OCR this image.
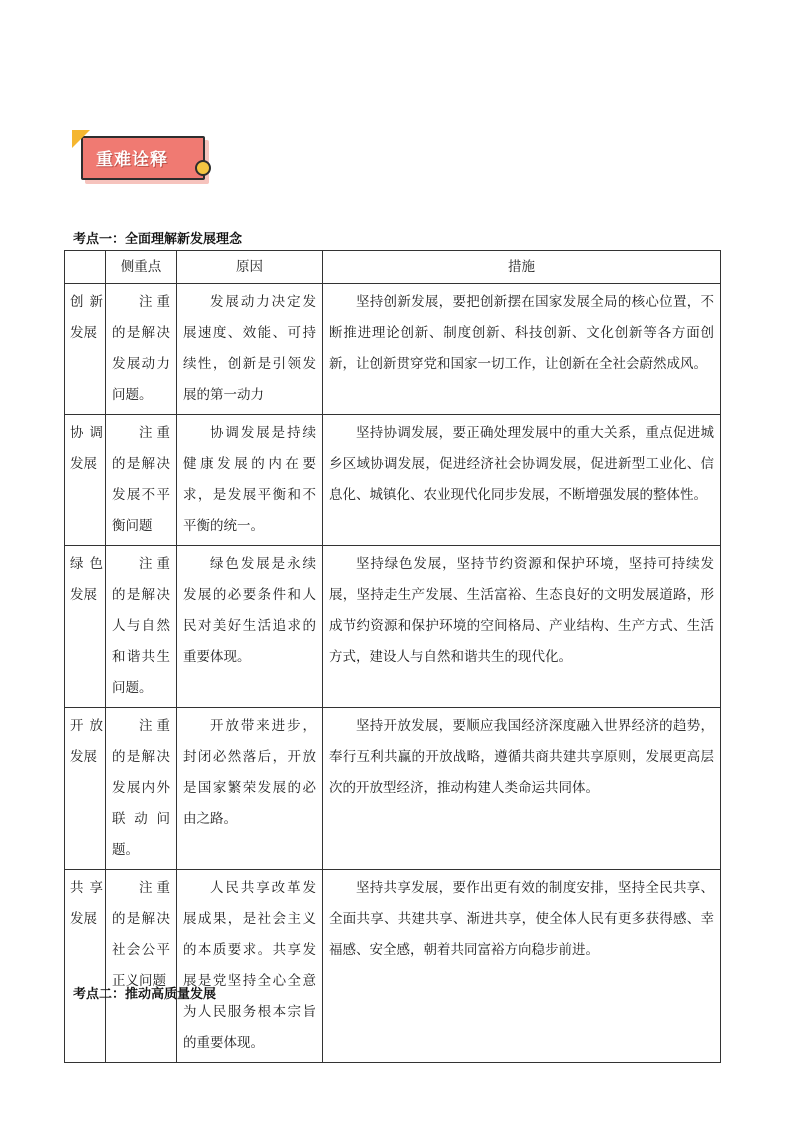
重难诠释
考点一：全面理解新发展理念
	侧重点	原因	措施
创新发展	注重的是解决发展动力问题。	发展动力决定发展速度、效能、可持续性，创新是引领发展的第一动力	坚持创新发展，要把创新摆在国家发展全局的核心位置，不断推进理论创新、制度创新、科技创新、文化创新等各方面创新，让创新贯穿党和国家一切工作，让创新在全社会蔚然成风。

协调发展	注重的是解决发展不平衡问题	协调发展是持续健康发展的内在要求，是发展平衡和不平衡的统一。	坚持协调发展，要正确处理发展中的重大关系，重点促进城乡区域协调发展，促进经济社会协调发展，促进新型工业化、信息化、城镇化、农业现代化同步发展，不断增强发展的整体性。

绿色发展	注重的是解决人与自然和谐共生问题。	绿色发展是永续发展的必要条件和人民对美好生活追求的重要体现。	坚持绿色发展，坚持节约资源和保护环境，坚持可持续发展，坚持走生产发展、生活富裕、生态良好的文明发展道路，形成节约资源和保护环境的空间格局、产业结构、生产方式、生活方式，建设人与自然和谐共生的现代化。

开放发展	注重的是解决发展内外联动问题。	开放带来进步，封闭必然落后，开放是国家繁荣发展的必由之路。	坚持开放发展，要顺应我国经济深度融入世界经济的趋势，奉行互利共赢的开放战略，遵循共商共建共享原则，发展更高层次的开放型经济，推动构建人类命运共同体。

共享发展	注重的是解决社会公平正义问题	人民共享改革发展成果，是社会主义的本质要求。共享发展是党坚持全心全意为人民服务根本宗旨的重要体现。	坚持共享发展，要作出更有效的制度安排，坚持全民共享、全面共享、共建共享、渐进共享，使全体人民有更多获得感、幸福感、安全感，朝着共同富裕方向稳步前进。
考点二：推动高质量发展
